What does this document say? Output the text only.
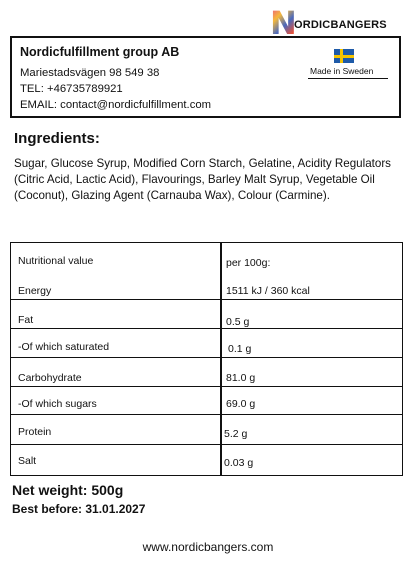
Nordicfulfillment group AB
Mariestadsvägen 98 549 38
TEL: +46735789921
EMAIL: contact@nordicfulfillment.com
N
ORDICBANGERS
Made in Sweden
Ingredients:
Sugar, Glucose Syrup, Modified Corn Starch, Gelatine, Acidity Regulators (Citric Acid, Lactic Acid), Flavourings, Barley Malt Syrup, Vegetable Oil (Coconut), Glazing Agent (Carnauba Wax), Colour (Carmine).
Nutritional value	per 100g:
Energy	1511 kJ / 360 kcal
Fat	0.5 g
-Of which saturated	0.1 g
Carbohydrate	81.0 g
-Of which sugars	69.0 g
Protein	5.2 g
Salt	0.03 g
Net weight: 500g
Best before: 31.01.2027
www.nordicbangers.com
